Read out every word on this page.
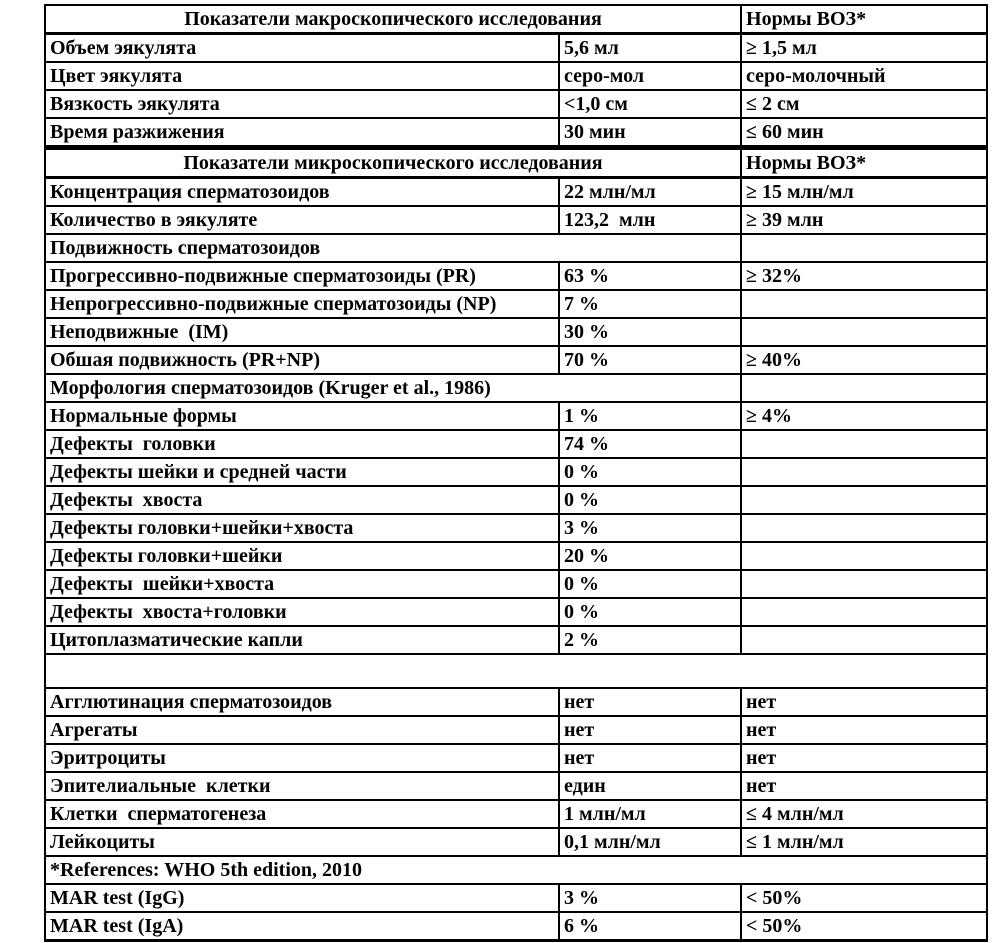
Показатели макроскопического исследования		Нормы ВОЗ*
Объем эякулята	5,6 мл	≥ 1,5 мл
Цвет эякулята	серо-мол	серо-молочный
Вязкость эякулята	<1,0 см	≤ 2 см
Время разжижения	30 мин	≤ 60 мин
Показатели микроскопического исследования		Нормы ВОЗ*
Концентрация сперматозоидов	22 млн/мл	≥ 15 млн/мл
Количество в эякуляте	123,2  млн	≥ 39 млн
Подвижность сперматозоидов		
Прогрессивно-подвижные сперматозоиды (PR)	63 %	≥ 32%
Непрогрессивно-подвижные сперматозоиды (NP)	7 %	
Неподвижные  (IM)	30 %	
Обшая подвижность (PR+NP)	70 %	≥ 40%
Морфология сперматозоидов (Kruger et al., 1986)		
Нормальные формы	1 %	≥ 4%
Дефекты  головки	74 %	
Дефекты шейки и средней части	0 %	
Дефекты  хвоста	0 %	
Дефекты головки+шейки+хвоста	3 %	
Дефекты головки+шейки	20 %	
Дефекты  шейки+хвоста	0 %	
Дефекты  хвоста+головки	0 %	
Цитоплазматические капли	2 %	

Агглютинация сперматозоидов	нет	нет
Агрегаты	нет	нет
Эритроциты	нет	нет
Эпителиальные  клетки	един	нет
Клетки  сперматогенеза	1 млн/мл	≤ 4 млн/мл
Лейкоциты	0,1 млн/мл	≤ 1 млн/мл
*References: WHO 5th edition, 2010		
MAR test (IgG)	3 %	< 50%
MAR test (IgA)	6 %	< 50%
